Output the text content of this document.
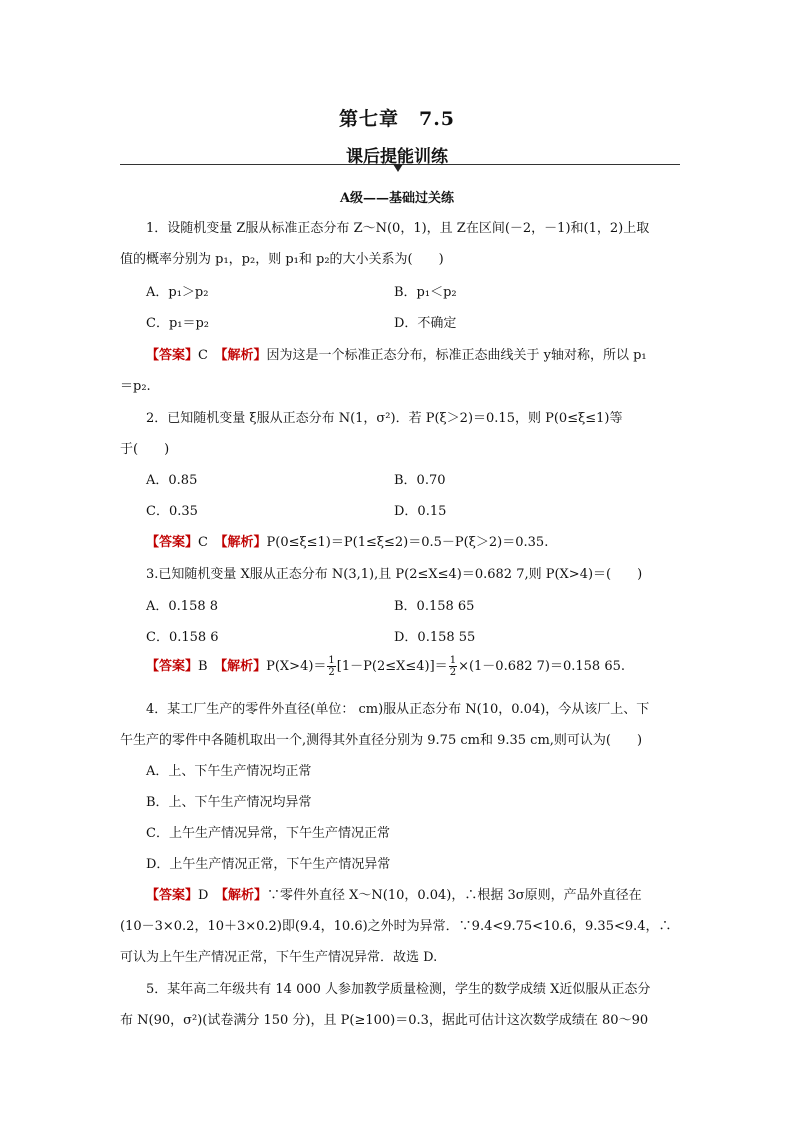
第七章　7.5
课后提能训练
A级——基础过关练
1．设随机变量 Z服从标准正态分布 Z～N(0，1)，且 Z在区间(－2，－1)和(1，2)上取
值的概率分别为 p₁，p₂，则 p₁和 p₂的大小关系为(　　)
A．p₁＞p₂	B．p₁＜p₂
C．p₁＝p₂	D．不确定
【答案】C　 【解析】因为这是一个标准正态分布，标准正态曲线关于 y轴对称，所以 p₁
＝p₂.
2．已知随机变量 ξ服从正态分布 N(1，σ²)．若 P(ξ＞2)＝0.15，则 P(0≤ξ≤1)等
于(　　)
A．0.85	B．0.70
C．0.35	D．0.15
【答案】C　 【解析】P(0≤ξ≤1)＝P(1≤ξ≤2)＝0.5－P(ξ＞2)＝0.35.
3.已知随机变量 X服从正态分布 N(3,1),且 P(2≤X≤4)＝0.682 7,则 P(X>4)＝(　　)
A．0.158 8	B．0.158 65
C．0.158 6	D．0.158 55
【答案】B　 【解析】$P(X>4)= \frac{1}{2} [1-P(2\le X\le 4)]= \frac{1}{2} \times(1-0.682$ 7)＝0.158 65.
4．某工厂生产的零件外直径(单位： cm)服从正态分布 N(10，0.04)，今从该厂上、下
午生产的零件中各随机取出一个,测得其外直径分别为 9.75 cm和 9.35 cm,则可认为(　　)
A．上、下午生产情况均正常
B．上、下午生产情况均异常
C．上午生产情况异常，下午生产情况正常
D．上午生产情况正常，下午生产情况异常
【答案】D　 【解析】∵零件外直径 X～N(10，0.04)，∴根据 3σ原则，产品外直径在
(10－3×0.2，10＋3×0.2)即(9.4，10.6)之外时为异常．∵9.4<9.75<10.6，9.35<9.4，∴
可认为上午生产情况正常，下午生产情况异常．故选 D.
5．某年高二年级共有 14 000 人参加教学质量检测，学生的数学成绩 X近似服从正态分
布 N(90，σ²)(试卷满分 150 分)，且 P(≥100)＝0.3，据此可估计这次数学成绩在 80～90
